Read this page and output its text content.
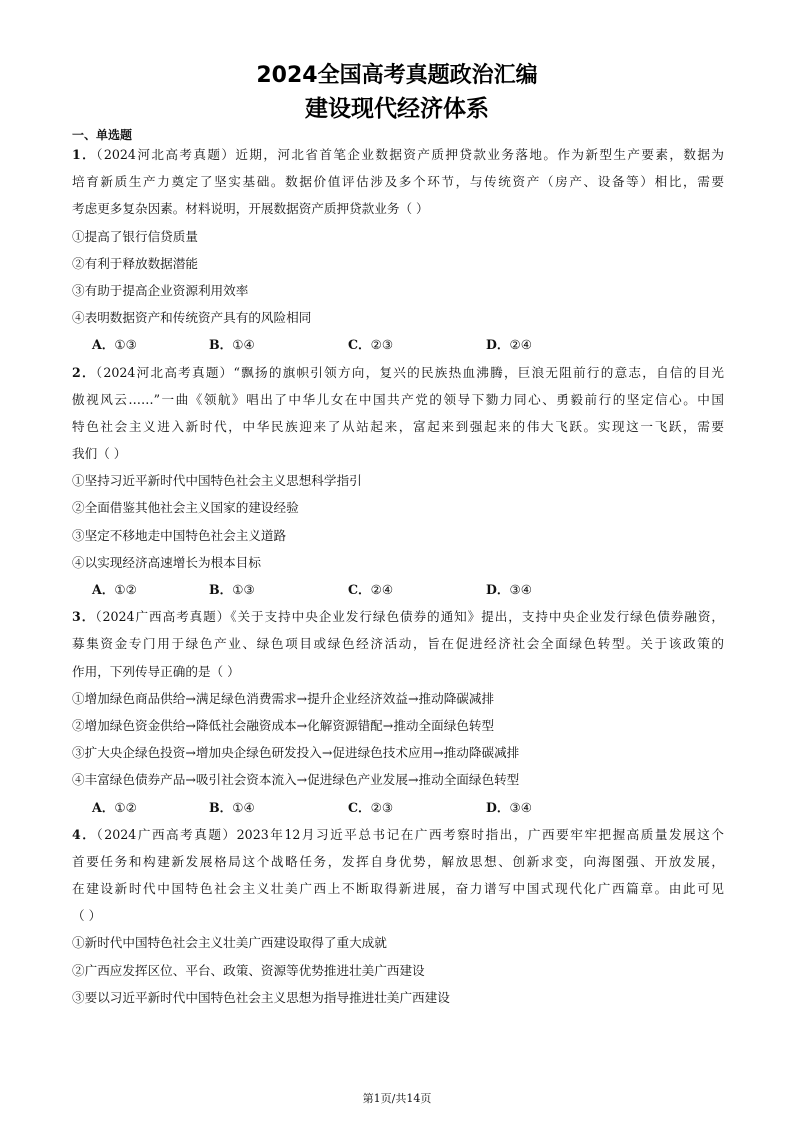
2024全国高考真题政治汇编
建设现代经济体系
一、单选题
1．（2024河北高考真题）近期，河北省首笔企业数据资产质押贷款业务落地。作为新型生产要素，数据为
培育新质生产力奠定了坚实基础。数据价值评估涉及多个环节，与传统资产（房产、设备等）相比，需要
考虑更多复杂因素。材料说明，开展数据资产质押贷款业务（ ）
①提高了银行信贷质量
②有利于释放数据潜能
③有助于提高企业资源利用效率
④表明数据资产和传统资产具有的风险相同
A．①③	B．①④	C．②③	D．②④
2．（2024河北高考真题）“飘扬的旗帜引领方向，复兴的民族热血沸腾，巨浪无阻前行的意志，自信的目光
傲视风云……”一曲《领航》唱出了中华儿女在中国共产党的领导下勠力同心、勇毅前行的坚定信心。中国
特色社会主义进入新时代，中华民族迎来了从站起来，富起来到强起来的伟大飞跃。实现这一飞跃，需要
我们（ ）
①坚持习近平新时代中国特色社会主义思想科学指引
②全面借鉴其他社会主义国家的建设经验
③坚定不移地走中国特色社会主义道路
④以实现经济高速增长为根本目标
A．①②	B．①③	C．②④	D．③④
3．（2024广西高考真题）《关于支持中央企业发行绿色债券的通知》提出，支持中央企业发行绿色债券融资，
募集资金专门用于绿色产业、绿色项目或绿色经济活动，旨在促进经济社会全面绿色转型。关于该政策的
作用，下列传导正确的是（ ）
①增加绿色商品供给→满足绿色消费需求→提升企业经济效益→推动降碳减排
②增加绿色资金供给→降低社会融资成本→化解资源错配→推动全面绿色转型
③扩大央企绿色投资→增加央企绿色研发投入→促进绿色技术应用→推动降碳减排
④丰富绿色债券产品→吸引社会资本流入→促进绿色产业发展→推动全面绿色转型
A．①②	B．①④	C．②③	D．③④
4．（2024广西高考真题）2023年12月习近平总书记在广西考察时指出，广西要牢牢把握高质量发展这个
首要任务和构建新发展格局这个战略任务，发挥自身优势，解放思想、创新求变，向海图强、开放发展，
在建设新时代中国特色社会主义壮美广西上不断取得新进展，奋力谱写中国式现代化广西篇章。由此可见
（ ）
①新时代中国特色社会主义壮美广西建设取得了重大成就
②广西应发挥区位、平台、政策、资源等优势推进壮美广西建设
③要以习近平新时代中国特色社会主义思想为指导推进壮美广西建设
第1页/共14页
